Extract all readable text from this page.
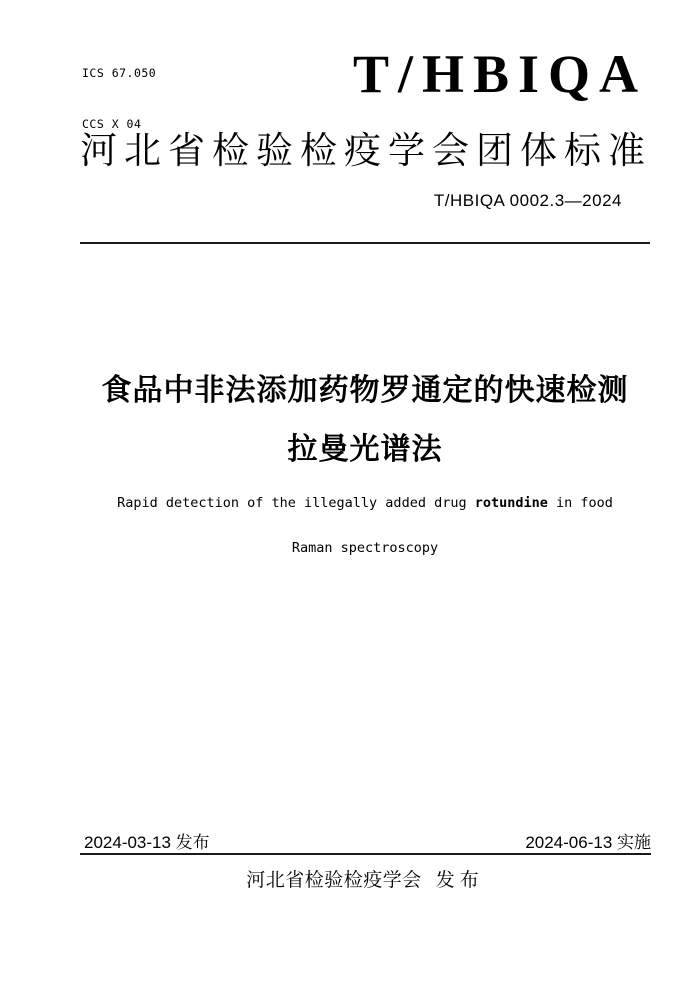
ICS 67.050

CCS X 04

T/HBIQA
河北省检验检疫学会团体标准
T/HBIQA 0002.3—2024
食品中非法添加药物罗通定的快速检测
拉曼光谱法
Rapid detection of the illegally added drug rotundine in food
Raman spectroscopy
2024-03-13 发布	2024-06-13 实施
河北省检验检疫学会 发布
